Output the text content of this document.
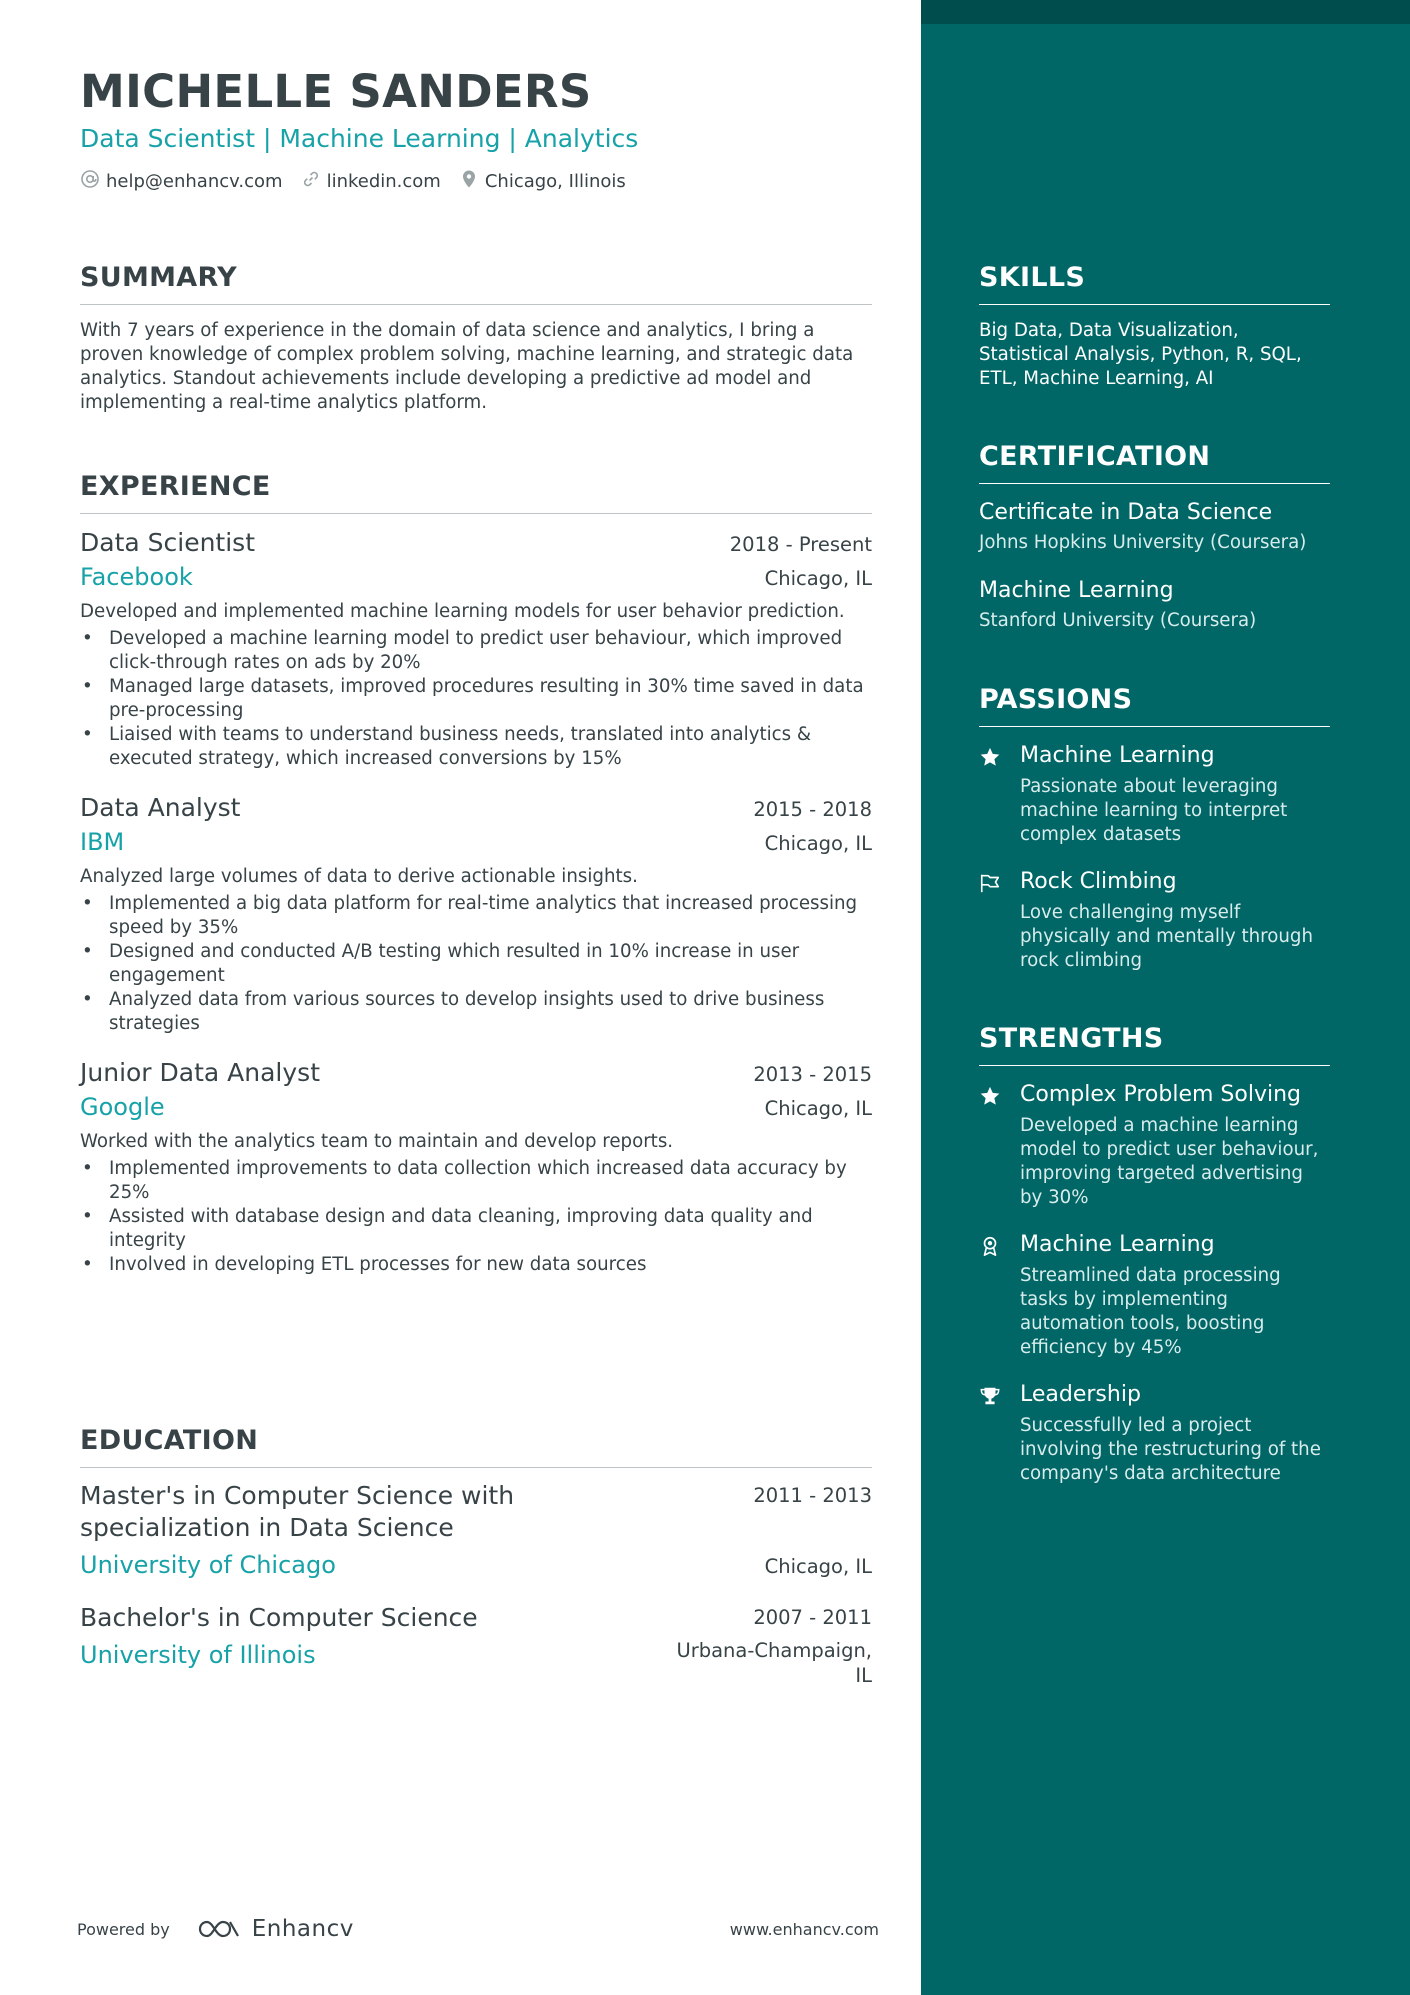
MICHELLE SANDERS
Data Scientist | Machine Learning | Analytics
help@enhancv.com linkedin.com Chicago, Illinois
SUMMARY
With 7 years of experience in the domain of data science and analytics, I bring a proven knowledge of complex problem solving, machine learning, and strategic data analytics. Standout achievements include developing a predictive ad model and implementing a real-time analytics platform.
EXPERIENCE
Data Scientist	2018 - Present
Facebook	Chicago, IL
Developed and implemented machine learning models for user behavior prediction.
• Developed a machine learning model to predict user behaviour, which improved click-through rates on ads by 20%
• Managed large datasets, improved procedures resulting in 30% time saved in data pre-processing
• Liaised with teams to understand business needs, translated into analytics & executed strategy, which increased conversions by 15%
Data Analyst	2015 - 2018
IBM	Chicago, IL
Analyzed large volumes of data to derive actionable insights.
• Implemented a big data platform for real-time analytics that increased processing speed by 35%
• Designed and conducted A/B testing which resulted in 10% increase in user engagement
• Analyzed data from various sources to develop insights used to drive business strategies
Junior Data Analyst	2013 - 2015
Google	Chicago, IL
Worked with the analytics team to maintain and develop reports.
• Implemented improvements to data collection which increased data accuracy by 25%
• Assisted with database design and data cleaning, improving data quality and integrity
• Involved in developing ETL processes for new data sources
EDUCATION
Master's in Computer Science with specialization in Data Science
2011 - 2013
University of Chicago	Chicago, IL
Bachelor's in Computer Science	2007 - 2011
University of Illinois	Urbana-Champaign,
IL
Powered by	Enhancv	www.enhancv.com
SKILLS
Big Data, Data Visualization, Statistical Analysis, Python, R, SQL, ETL, Machine Learning, AI
CERTIFICATION
Certificate in Data Science
Johns Hopkins University (Coursera)
Machine Learning
Stanford University (Coursera)
PASSIONS
Machine Learning
Passionate about leveraging machine learning to interpret complex datasets
Rock Climbing
Love challenging myself physically and mentally through rock climbing
STRENGTHS
Complex Problem Solving
Developed a machine learning model to predict user behaviour, improving targeted advertising by 30%
Machine Learning
Streamlined data processing tasks by implementing automation tools, boosting efficiency by 45%
Leadership
Successfully led a project involving the restructuring of the company's data architecture
